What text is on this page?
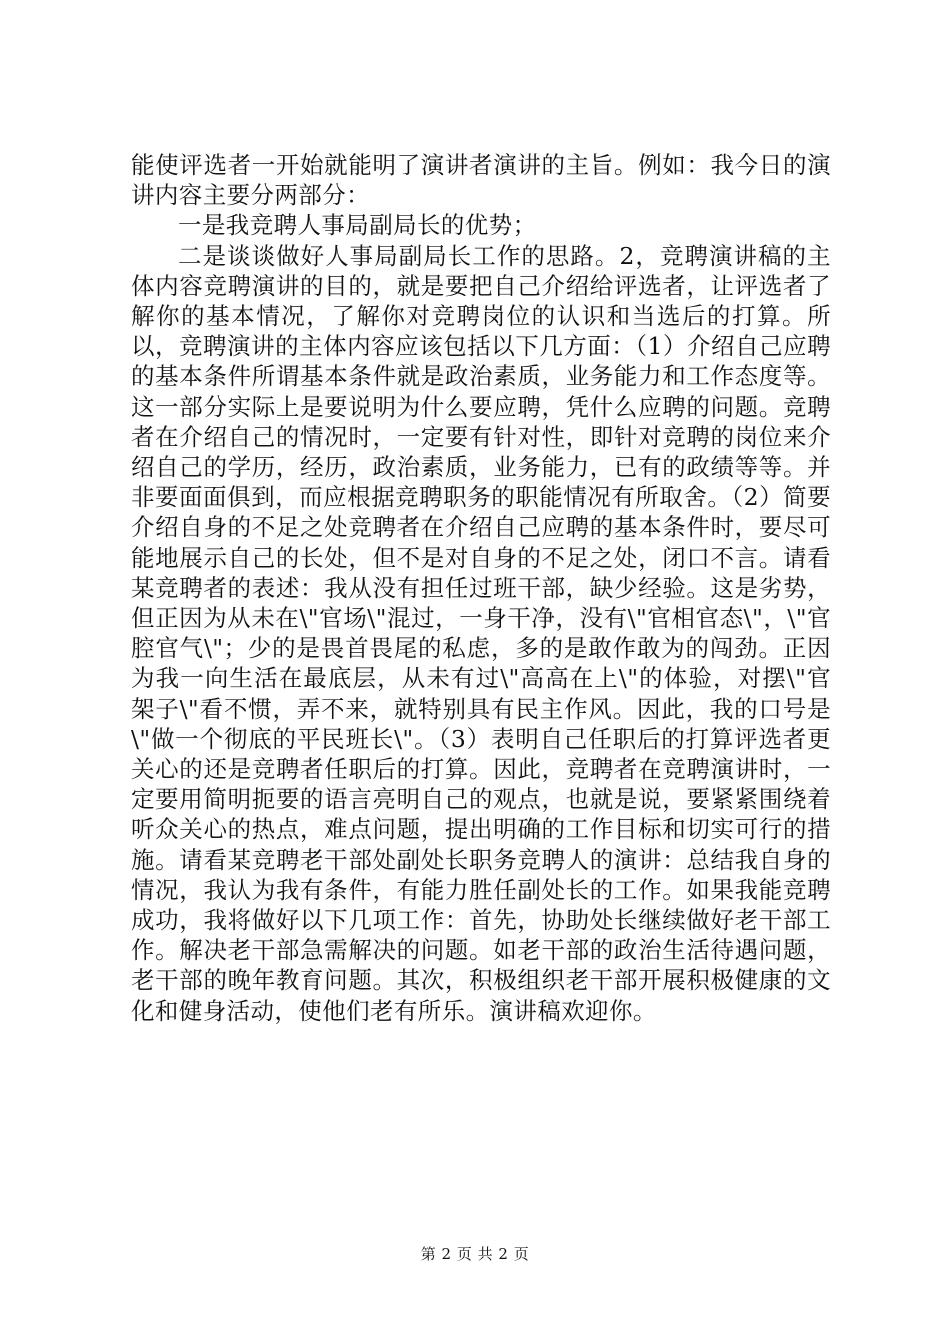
能使评选者一开始就能明了演讲者演讲的主旨。例如：我今日的演讲内容主要分两部分：

一是我竞聘人事局副局长的优势；

二是谈谈做好人事局副局长工作的思路。2，竞聘演讲稿的主体内容竞聘演讲的目的，就是要把自己介绍给评选者，让评选者了解你的基本情况，了解你对竞聘岗位的认识和当选后的打算。所以，竞聘演讲的主体内容应该包括以下几方面：（1）介绍自己应聘的基本条件所谓基本条件就是政治素质，业务能力和工作态度等。这一部分实际上是要说明为什么要应聘，凭什么应聘的问题。竞聘者在介绍自己的情况时，一定要有针对性，即针对竞聘的岗位来介绍自己的学历，经历，政治素质，业务能力，已有的政绩等等。并非要面面俱到，而应根据竞聘职务的职能情况有所取舍。（2）简要介绍自身的不足之处竞聘者在介绍自己应聘的基本条件时，要尽可能地展示自己的长处，但不是对自身的不足之处，闭口不言。请看某竞聘者的表述：我从没有担任过班干部，缺少经验。这是劣势，但正因为从未在\"官场\"混过，一身干净，没有\"官相官态\"，\"官腔官气\"；少的是畏首畏尾的私虑，多的是敢作敢为的闯劲。正因为我一向生活在最底层，从未有过\"高高在上\"的体验，对摆\"官架子\"看不惯，弄不来，就特别具有民主作风。因此，我的口号是\"做一个彻底的平民班长\"。（3）表明自己任职后的打算评选者更关心的还是竞聘者任职后的打算。因此，竞聘者在竞聘演讲时，一定要用简明扼要的语言亮明自己的观点，也就是说，要紧紧围绕着听众关心的热点，难点问题，提出明确的工作目标和切实可行的措施。请看某竞聘老干部处副处长职务竞聘人的演讲：总结我自身的情况，我认为我有条件，有能力胜任副处长的工作。如果我能竞聘成功，我将做好以下几项工作：首先，协助处长继续做好老干部工作。解决老干部急需解决的问题。如老干部的政治生活待遇问题，老干部的晚年教育问题。其次，积极组织老干部开展积极健康的文化和健身活动，使他们老有所乐。演讲稿欢迎你。

第 2 页 共 2 页
